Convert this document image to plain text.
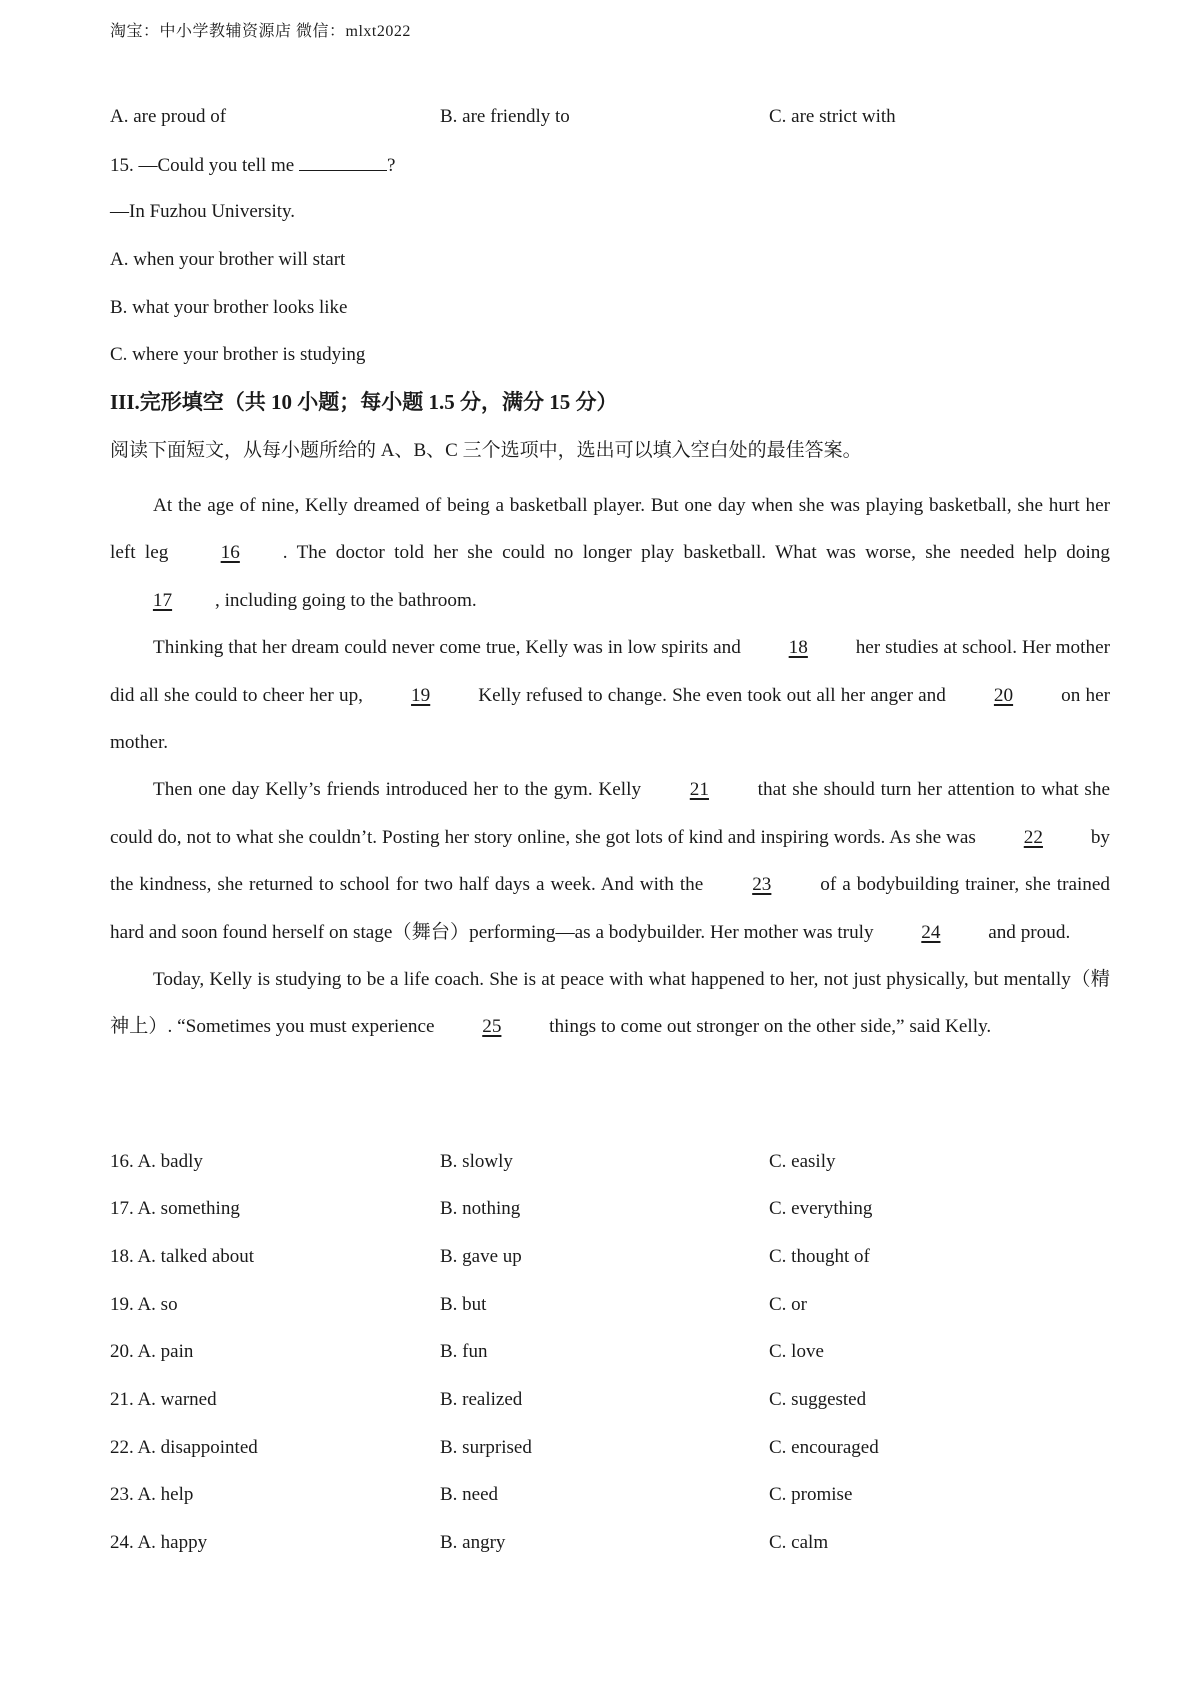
淘宝：中小学教辅资源店 微信：mlxt2022
A. are proud of	B. are friendly to	C. are strict with
15. —Could you tell me	?
—In Fuzhou University.
A. when your brother will start
B. what your brother looks like
C. where your brother is studying
III.完形填空（共 10 小题；每小题 1.5 分，满分 15 分）
阅读下面短文，从每小题所给的 A、B、C 三个选项中，选出可以填入空白处的最佳答案。

At the age of nine, Kelly dreamed of being a basketball player. But one day when she was playing basketball, she hurt her left leg 16 . The doctor told her she could no longer play basketball. What was worse, she needed help doing 17 , including going to the bathroom.

Thinking that her dream could never come true, Kelly was in low spirits and 18 her studies at school. Her mother did all she could to cheer her up, 19 Kelly refused to change. She even took out all her anger and 20 on her mother.

Then one day Kelly’s friends introduced her to the gym. Kelly 21 that she should turn her attention to what she could do, not to what she couldn’t. Posting her story online, she got lots of kind and inspiring words. As she was 22 by the kindness, she returned to school for two half days a week. And with the 23 of a bodybuilding trainer, she trained hard and soon found herself on stage（舞台）performing—as a bodybuilder. Her mother was truly 24 and proud.

Today, Kelly is studying to be a life coach. She is at peace with what happened to her, not just physically, but mentally（精神上）. “Sometimes you must experience 25 things to come out stronger on the other side,” said Kelly.

16. A. badly	B. slowly	C. easily
17. A. something	B. nothing	C. everything
18. A. talked about	B. gave up	C. thought of
19. A. so	B. but	C. or
20. A. pain	B. fun	C. love
21. A. warned	B. realized	C. suggested
22. A. disappointed	B. surprised	C. encouraged
23. A. help	B. need	C. promise
24. A. happy	B. angry	C. calm
